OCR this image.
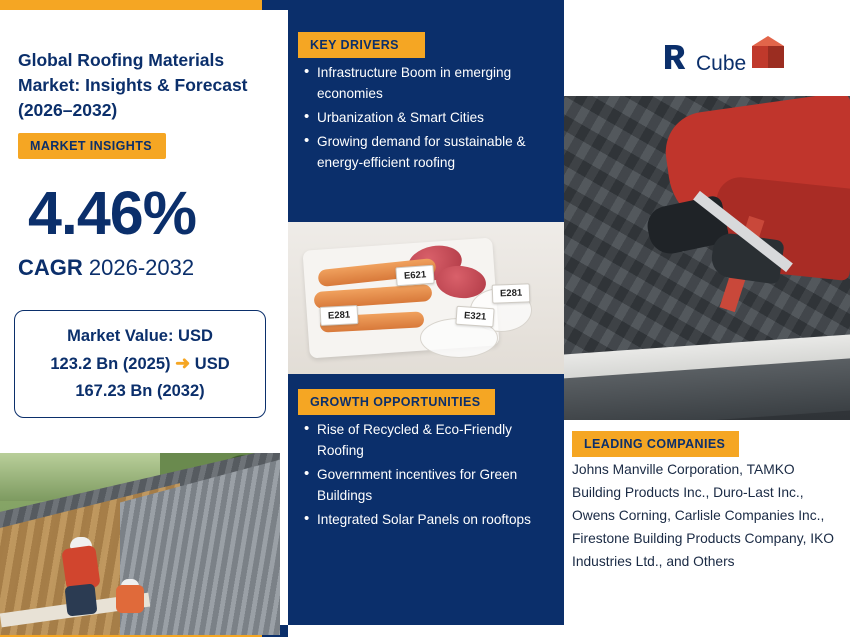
Global Roofing Materials Market: Insights & Forecast (2026–2032)
MARKET INSIGHTS
4.46%
CAGR 2026-2032
Market Value: USD
123.2 Bn (2025) ➜ USD
167.23 Bn (2032)
KEY DRIVERS
• Infrastructure Boom in emerging economies
• Urbanization & Smart Cities
• Growing demand for sustainable & energy-efficient roofing
E621
E281	E321
E281
GROWTH OPPORTUNITIES
• Rise of Recycled & Eco-Friendly Roofing
• Government incentives for Green Buildings
• Integrated Solar Panels on rooftops
Я Cube
LEADING COMPANIES
Johns Manville Corporation, TAMKO Building Products Inc., Duro-Last Inc., Owens Corning, Carlisle Companies Inc., Firestone Building Products Company, IKO Industries Ltd., and Others
